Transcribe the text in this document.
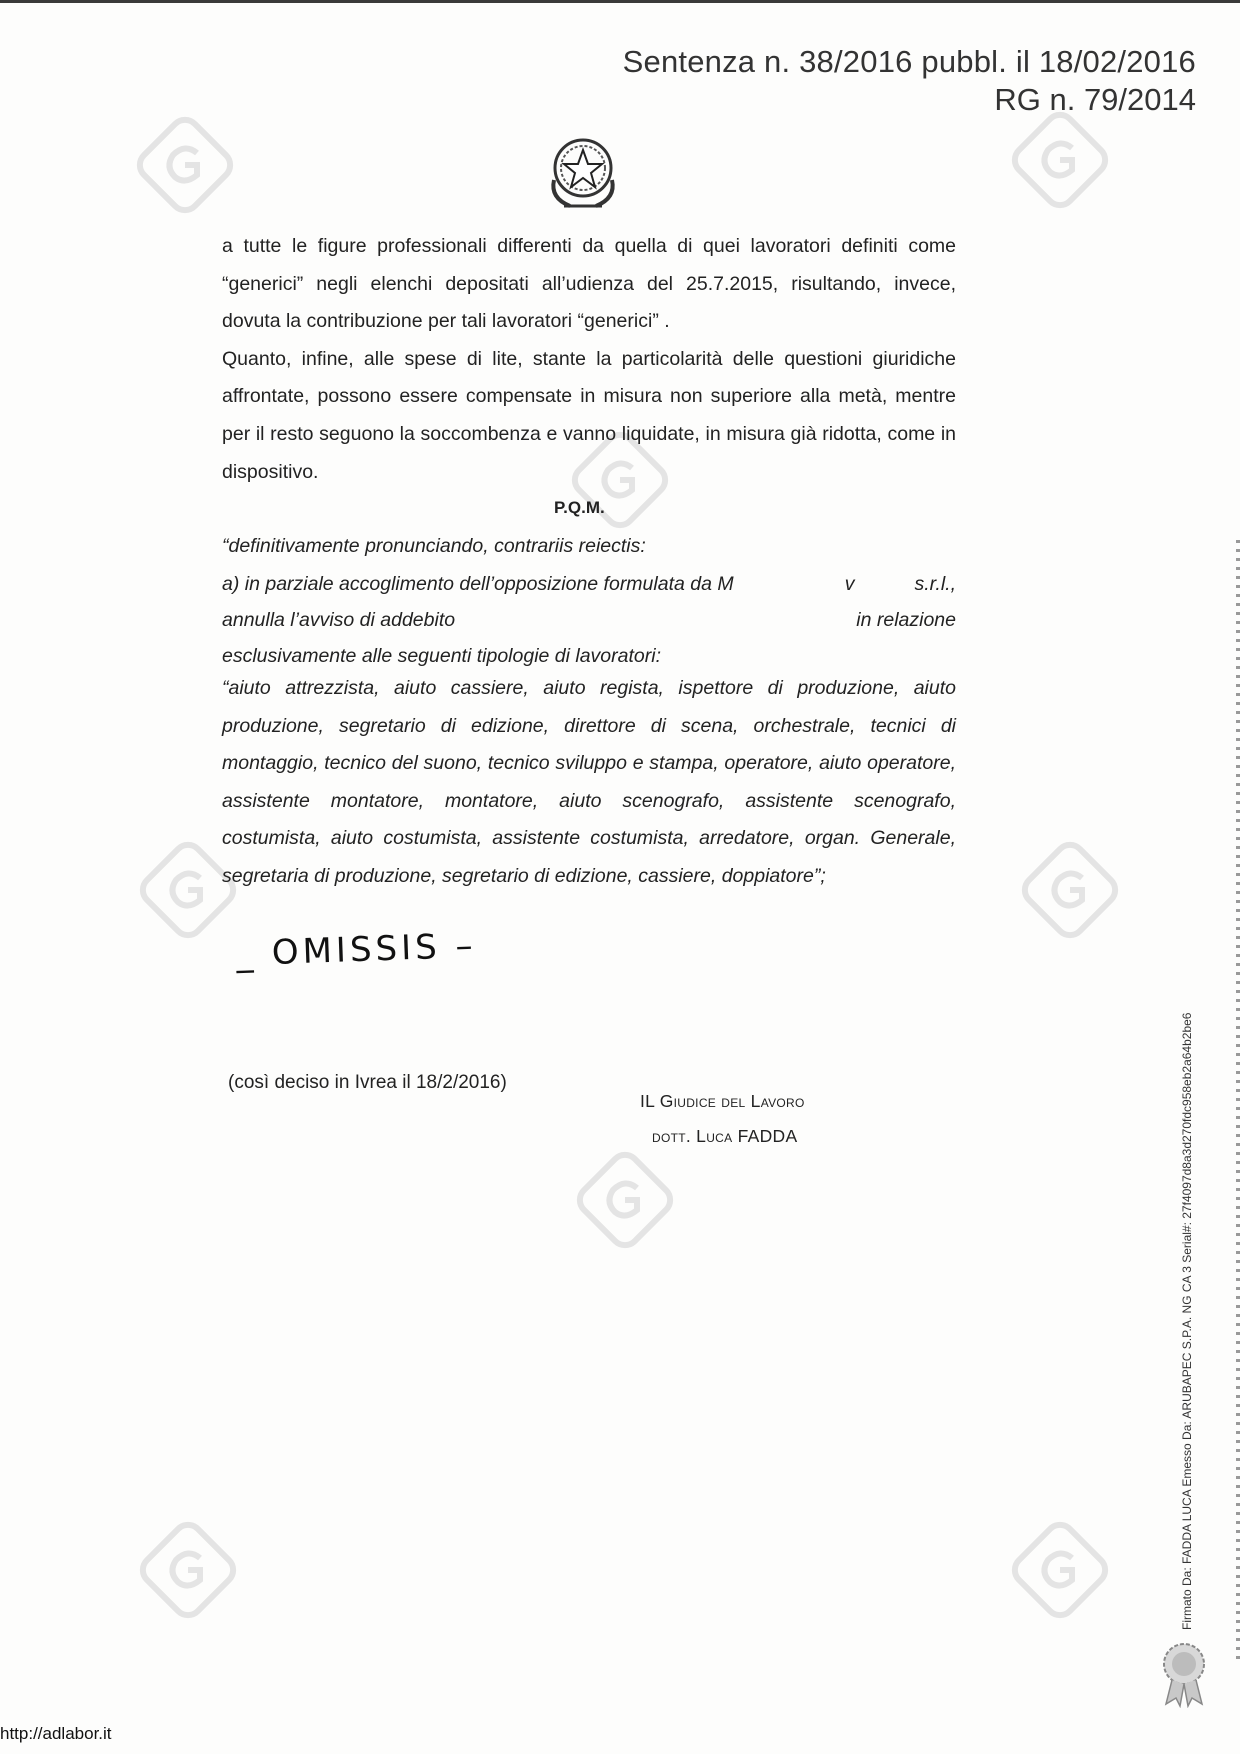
Sentenza n. 38/2016 pubbl. il 18/02/2016
RG n. 79/2014

a tutte le figure professionali differenti da quella di quei lavoratori definiti come “generici” negli elenchi depositati all’udienza del 25.7.2015, risultando, invece, dovuta la contribuzione per tali lavoratori “generici” .

Quanto, infine, alle spese di lite, stante la particolarità delle questioni giuridiche affrontate, possono essere compensate in misura non superiore alla metà, mentre per il resto seguono la soccombenza e vanno liquidate, in misura già ridotta, come in dispositivo.

P.Q.M.
“definitivamente pronunciando, contrariis reiectis:
a) in parziale accoglimento dell’opposizione formulata da M	v	s.r.l.,
annulla l’avviso di addebito	in relazione
esclusivamente alle seguenti tipologie di lavoratori:

“aiuto attrezzista, aiuto cassiere, aiuto regista, ispettore di produzione, aiuto produzione, segretario di edizione, direttore di scena, orchestrale, tecnici di montaggio, tecnico del suono, tecnico sviluppo e stampa, operatore, aiuto operatore, assistente montatore, montatore, aiuto scenografo, assistente scenografo, costumista, aiuto costumista, assistente costumista, arredatore, organ. Generale, segretaria di produzione, segretario di edizione, cassiere, doppiatore”;

_ OMISSIS –
(così deciso in Ivrea il 18/2/2016)
IL Giudice del Lavoro
dott. Luca FADDA	Firmato Da: FADDA LUCA Emesso Da: ARUBAPEC S.P.A. NG CA 3 Serial#: 27f4097d8a3d270fdc958eb2a64b2be6
http://adlabor.it
